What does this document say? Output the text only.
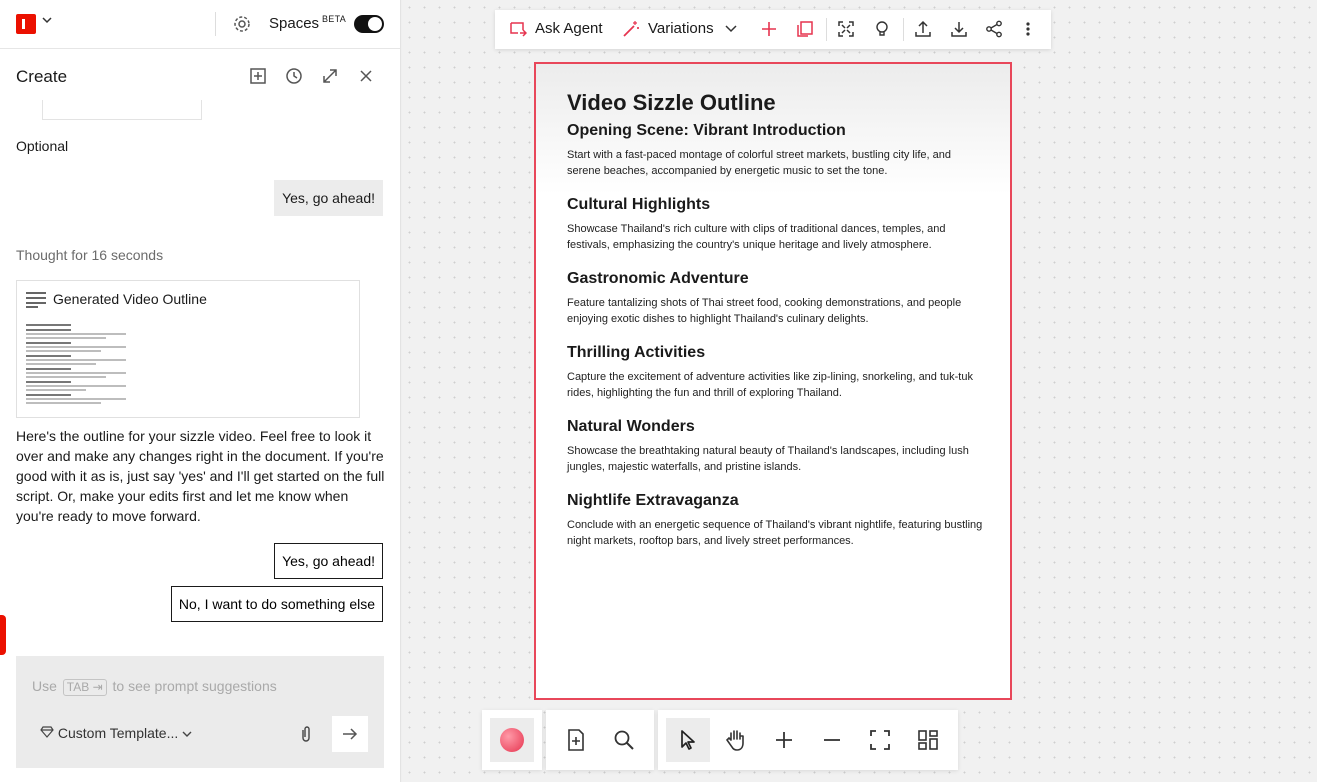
Spaces BETA
Create
Optional
Yes, go ahead!
Thought for 16 seconds
Generated Video Outline
Here's the outline for your sizzle video. Feel free to look it over and make any changes right in the document. If you're good with it as is, just say 'yes' and I'll get started on the full script. Or, make your edits first and let me know when you're ready to move forward.
Yes, go ahead!
No, I want to do something else
Use TAB ⇥ to see prompt suggestions
Custom Template...
Ask Agent	Variations
Video Sizzle Outline
Opening Scene: Vibrant Introduction

Start with a fast-paced montage of colorful street markets, bustling city life, and serene beaches, accompanied by energetic music to set the tone.

Cultural Highlights

Showcase Thailand's rich culture with clips of traditional dances, temples, and festivals, emphasizing the country's unique heritage and lively atmosphere.

Gastronomic Adventure

Feature tantalizing shots of Thai street food, cooking demonstrations, and people enjoying exotic dishes to highlight Thailand's culinary delights.

Thrilling Activities

Capture the excitement of adventure activities like zip-lining, snorkeling, and tuk-tuk rides, highlighting the fun and thrill of exploring Thailand.

Natural Wonders

Showcase the breathtaking natural beauty of Thailand's landscapes, including lush jungles, majestic waterfalls, and pristine islands.

Nightlife Extravaganza

Conclude with an energetic sequence of Thailand's vibrant nightlife, featuring bustling night markets, rooftop bars, and lively street performances.
